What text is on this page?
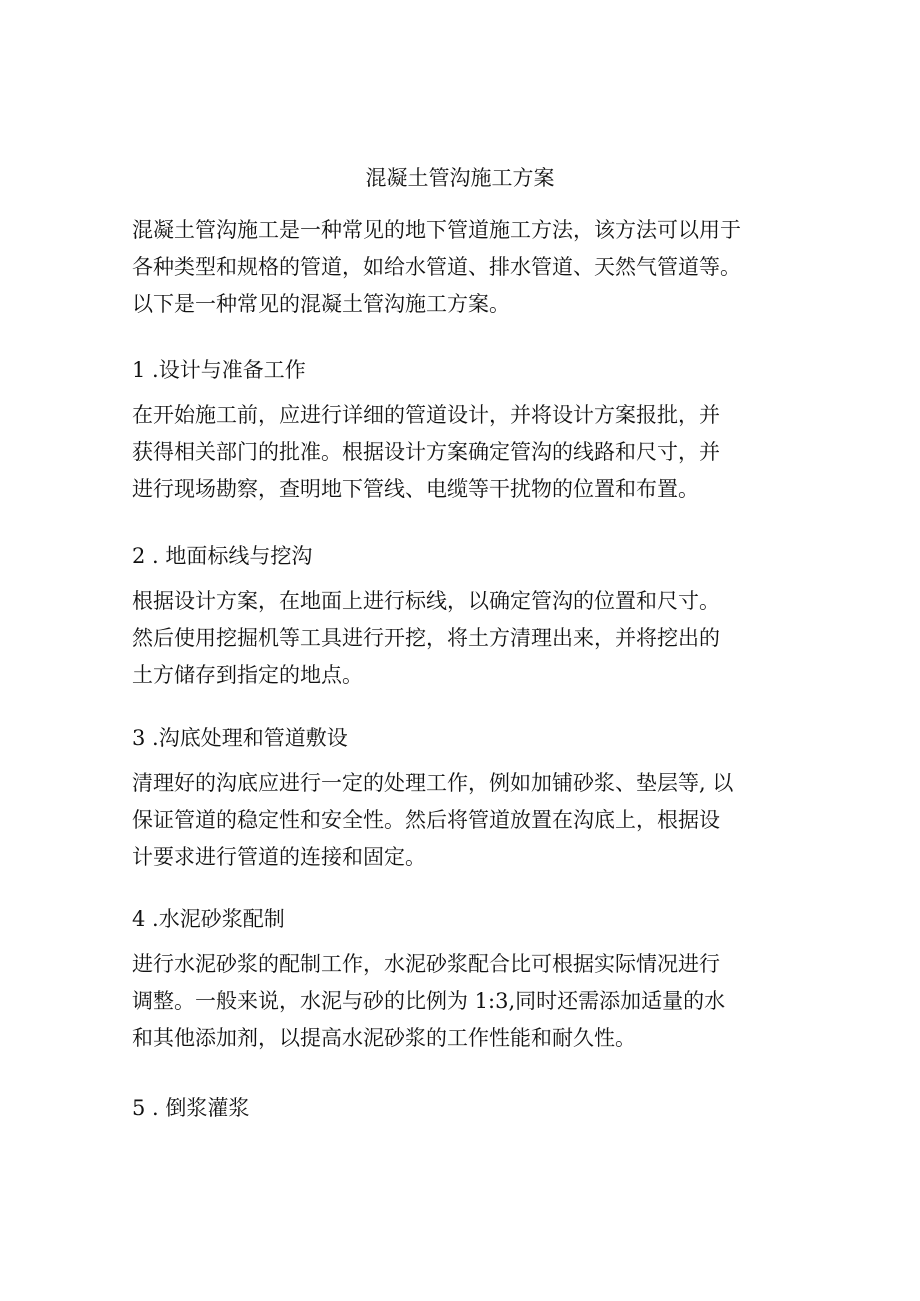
混凝土管沟施工方案

混凝土管沟施工是一种常见的地下管道施工方法，该方法可以用于
各种类型和规格的管道，如给水管道、排水管道、天然气管道等。
以下是一种常见的混凝土管沟施工方案。

1 .设计与准备工作

在开始施工前，应进行详细的管道设计，并将设计方案报批，并
获得相关部门的批准。根据设计方案确定管沟的线路和尺寸，并
进行现场勘察，查明地下管线、电缆等干扰物的位置和布置。

2 . 地面标线与挖沟

根据设计方案，在地面上进行标线，以确定管沟的位置和尺寸。
然后使用挖掘机等工具进行开挖，将土方清理出来，并将挖出的
土方储存到指定的地点。

3 .沟底处理和管道敷设

清理好的沟底应进行一定的处理工作，例如加铺砂浆、垫层等, 以
保证管道的稳定性和安全性。然后将管道放置在沟底上，根据设
计要求进行管道的连接和固定。

4 .水泥砂浆配制

进行水泥砂浆的配制工作，水泥砂浆配合比可根据实际情况进行
调整。一般来说，水泥与砂的比例为 1:3,同时还需添加适量的水
和其他添加剂，以提高水泥砂浆的工作性能和耐久性。

5 . 倒浆灌浆
